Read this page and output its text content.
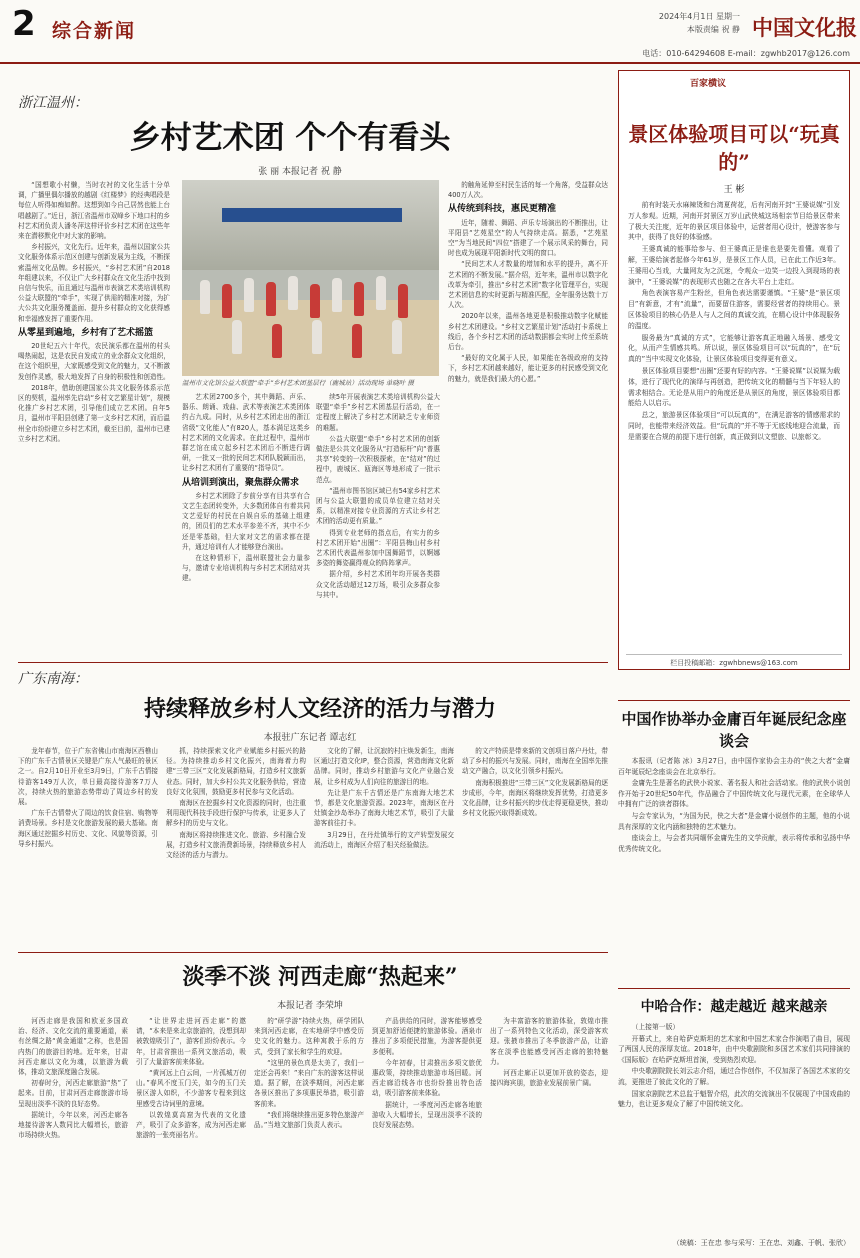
2 综合新闻
2024年4月1日 星期一
本版责编 祝 静 中国文化报
电话：010-64294608 E-mail：zgwhb2017@126.com
浙江温州：
乡村艺术团 个个有看头
张 丽 本报记者 祝 静

“国想歌小村懒，当时衣衬的文化生活十分单调，广播里偶尔播放的越剧《红楼梦》的经典唱段是每位人听得如痴如醉。这想到如今自己居然也能上台唱越剧了。”近日，浙江省温州市双峰乡下地口村的乡村艺术团负责人潘冬萍这样评价乡村艺术团在这些年来在潜移默化中对大家的影响。

乡村振兴，文化先行。近年来，温州以国家公共文化服务体系示范区创建与创新发展为主线，不断探索温州文化品牌。乡村振兴，“乡村艺术团”自2018年组建以来，不仅让广大乡村群众在文化生活中找到自信与快乐，而且通过与温州市表演艺术类培训机构公益大联盟的“牵手”，实现了供需的精准对接，为扩大公共文化服务覆盖面、提升乡村群众的文化获得感和幸福感发挥了重要作用。

从零星到遍地，乡村有了艺术摇篮

20世纪五六十年代，农民演乐都在温州的村头喝热闹起，这是农民自发成立的业余群众文化组织，在这个组织里，大家既感受到文化的魅力，又不断激发创作灵感，极大地发挥了自身的积极性和创造性。

2018年，借助创建国家公共文化服务体系示范区的契机，温州率先启动“乡村文艺繁星计划”，规模化推广乡村艺术团，引导他们成立艺术团。自年5月，温州市平阳县创建了第一支乡村艺术团，而后温州全市纷纷建立乡村艺术团，截至目前，温州市已建立乡村艺术团。

温州市文化馆公益大联盟“牵手”乡村艺术团基层行（鹿城站）活动现场 单晓叶 摄

艺术团2700多个，其中舞蹈、声乐、器乐、朗诵、戏曲、武术等表演艺术类团体约占九成。同时，从乡村艺术团走出的浙江省级“文化能人”有820人，基本满足这类乡村艺术团的文化需求。在此过程中，温州市群艺馆在成立起乡村艺术团后不断进行调研，一批又一批的民间艺术团队脱颖而出，让乡村艺术团有了重要的“指导员”。

从培训到演出，聚焦群众需求

乡村艺术团除了步前分享有目共享有合文艺生态团转变外，大多数团体自有着共同文艺爱好的村民在自娱自乐的基础上组建的，团员们的艺术水平参差不齐，其中不少还是零基础，但大家对文艺的需求都在提升，通过培训有人才能够登台演出。

在这种情形下，温州联盟社会力量参与，邀请专业培训机构与乡村艺术团结对共建。

续5年开展表演艺术类培训机构公益大联盟“牵手”乡村艺术团基层行活动，在一定程度上解决了乡村艺术团缺乏专业师资的难题。

公益大联盟“牵手”乡村艺术团的创新做法是公共文化服务从“打造标杆”向“普惠共享”转变的一次积极探索，在“结对”的过程中，鹿城区、瓯海区等地形成了一批示范点。

“温州市图书馆区域已有54家乡村艺术团与公益大联盟的成员单位建立结对关系，以精准对接专业资源的方式让乡村艺术团的活动更有质量。”

得到专业老师的指点后，有实力的乡村艺术团开始“出圈”：平阳县梅山村乡村艺术团代表温州参加中国舞蹈节，以婀娜多姿的舞姿赢得观众的阵阵掌声。

据介绍，乡村艺术团年均开展各类群众文化活动超过12万场，吸引众多群众参与其中。

的触角延伸至村民生活的每一个角落，受益群众达400万人次。

从传统到科技，惠民更精准

近年，随着、舞蹈、声乐专场演出的不断推出，让平阳县“艺苑星空”的人气持续走高。据悉，“艺苑星空”为当地民间“四位”搭建了一个展示风采的舞台，同时也成为展现平阳新时代文明的窗口。

“民间艺术人才数量的增加和水平的提升，离不开艺术团的不断发展。”据介绍，近年来，温州市以数字化改革为牵引，推出“乡村艺术团”数字化管理平台，实现艺术团信息的实时更新与精准匹配，全年服务达数十万人次。

2020年以来，温州各地更是积极推动数字化赋能乡村艺术团建设。“乡村文艺繁星计划”活动打卡系统上线后，各个乡村艺术团的活动数据都会实时上传至系统后台。

“最好的文化属于人民，如果能在各级政府的支持下，乡村艺术团越来越好，能让更多的村民感受到文化的魅力，就是我们最大的心愿。”

百家横议
景区体验项目可以“玩真的”
王 彬

前有时装天水麻辣烫和台湾夏荷花，后有河南开封“王婆说媒”引发万人参观。近期，河南开封景区万岁山武侠城这场相亲节目给景区带来了极大关注度，近年的景区项目体验中，运营者用心设计，使游客参与其中，获得了良好的体验感。

王婆真诚的能事给参与、但王婆真正是谁也是要先看懂。观看了解，王婆给演者起修今年61岁，是景区工作人员，已在此工作近3年。王婆用心当戏，大量网友为之沉迷，令观众一边笑一边投入到现场的表演中，“王婆说媒”的表现形式也随之在各大平台上走红。

角色表演容易产生粉丝，但角色表达需要谨慎。“王婆”是“景区项目”有新意，才有“流量”，而要留住游客，需要经营者的持续用心。景区体验项目的核心仍是人与人之间的真诚交流，在精心设计中体现服务的温度。

服务最为“真诚的方式”，它能够让游客真正地融入场景、感受文化，从而产生情感共鸣。所以说，景区体验项目可以“玩真的”，在“玩真的”当中实现文化体验，让景区体验项目变得更有意义。

景区体验项目要想“出圈”还要有好的内容。“王婆说媒”以说媒为载体，进行了现代化的演绎与再创造，把传统文化的精髓与当下年轻人的需求相结合。无论是从用户的角度还是从景区的角度，景区体验项目都能给人以启示。

总之，旅游景区体验项目“可以玩真的”，在满足游客的情感需求的同时，也能带来经济效益。但“玩真的”并不等于无底线地迎合流量，而是需要在合规的前提下进行创新，真正做到以文塑旅、以旅彰文。

栏目投稿邮箱：zgwhbnews@163.com
广东南海：
持续释放乡村人文经济的活力与潜力
本报驻广东记者 谭志红

龙年春节，位于广东省佛山市南海区西樵山下的广东千古情景区关键是广东人气最旺的景区之一。自2月10日开业至3月9日，广东千古情接待游客149万人次，单日最高接待游客7万人次，持续火热的旅游态势带动了周边乡村的发展。

广东千古情带火了周边的饮食住宿、购物等消费场景。乡村是文化旅游发展的最大基础。南海区通过挖掘乡村历史、文化、风貌等资源，引导乡村振兴。

抓，持续探索文化产业赋能乡村振兴的路径。为持续推动乡村文化振兴，南海着力构建“三带三区”文化发展新格局，打造乡村文旅新业态。同时，加大乡村公共文化服务供给，营造良好文化氛围，鼓励更多村民参与文化活动。

南海区在挖掘乡村文化资源的同时，也注重利用现代科技手段进行保护与传承，让更多人了解乡村的历史与文化。

南海区将持续推进文化、旅游、乡村融合发展，打造乡村文旅消费新场景，持续释放乡村人文经济的活力与潜力。

文化的了解，让沉寂的村庄焕发新生，南海区通过打造文化IP，整合资源，营造南海文化新品牌。同时，推动乡村旅游与文化产业融合发展，让乡村成为人们向往的旅游目的地。

先让是广东千古情还是广东南海大地艺术节，都是文化旅游资源。2023年，南海区在丹灶镇金沙岛举办了南海大地艺术节，吸引了大量游客前往打卡。

3月29日，在丹灶镇举行的文产转型发展交流活动上，南海区介绍了相关经验做法。

的文产特质是带来新的文创项目落户丹灶，带动了乡村的振兴与发展。同时，南海在全国率先推动文产融合，以文化引领乡村振兴。

南海积极推进“三带三区”文化发展新格局的逐步成形，今年，南海区将继续发挥优势，打造更多文化品牌，让乡村振兴的步伐走得更稳更快，推动乡村文化振兴取得新成效。

中国作协举办金庸百年诞辰纪念座谈会

本报讯（记者陈 冰）3月27日，由中国作家协会主办的“侠之大者”金庸百年诞辰纪念座谈会在北京举行。

金庸先生是著名的武侠小说家、著名报人和社会活动家。他的武侠小说创作开始于20世纪50年代，作品融合了中国传统文化与现代元素，在全球华人中拥有广泛的读者群体。

与会专家认为，“为国为民，侠之大者”是金庸小说创作的主题，他的小说具有深厚的文化内涵和独特的艺术魅力。

座谈会上，与会者共同缅怀金庸先生的文学贡献，表示将传承和弘扬中华优秀传统文化。

中哈合作：越走越近 越来越亲

（上接第一版）

开幕式上，来自哈萨克斯坦的艺术家和中国艺术家合作演唱了曲目，展现了两国人民的深厚友谊。2018年，由中央歌剧院和多国艺术家们共同排演的《国际版》在哈萨克斯坦首演，受到热烈欢迎。

中央歌剧院院长刘云志介绍，通过合作创作，不仅加深了各国艺术家的交流，更推进了彼此文化的了解。

国家京剧院艺术总监于魁智介绍，此次的交流演出不仅展现了中国戏曲的魅力，也让更多观众了解了中国传统文化。

淡季不淡 河西走廊“热起来”
本报记者 李荣坤

河西走廊是我国和欧亚多国政治、经济、文化交流的重要通道，素有丝绸之路“黄金通道”之称，也是国内热门的旅游目的地。近年来，甘肃河西走廊以文化为魂，以旅游为载体，推动文旅深度融合发展。

初春时分，河西走廊旅游“热”了起来。目前，甘肃河西走廊旅游市场呈现出淡季不淡的良好态势。

据统计，今年以来，河西走廊各地接待游客人数同比大幅增长，旅游市场持续火热。

“让世界走进河西走廊”的邀请，“本来是来北京旅游的，没想到却被敦煌吸引了”，游客们纷纷表示。今年，甘肃省推出一系列文旅活动，吸引了大量游客前来体验。

“黄河远上白云间，一片孤城万仞山。”春风不度玉门关，如今的玉门关景区游人如织，不少游客专程来到这里感受古诗词里的意境。

以敦煌莫高窟为代表的文化遗产，吸引了众多游客，成为河西走廊旅游的一张亮丽名片。

的“研学游”持续火热，研学团队来到河西走廊，在实地研学中感受历史文化的魅力。这种寓教于乐的方式，受到了家长和学生的欢迎。

“这里的景色真是太美了，我们一定还会再来！”来自广东的游客这样说道。据了解，在淡季期间，河西走廊各景区推出了多项惠民举措，吸引游客前来。

“我们将继续推出更多特色旅游产品。”当地文旅部门负责人表示。

产品供给的同时，游客能够感受到更加舒适便捷的旅游体验。酒泉市推出了多项便民措施，为游客提供更多便利。

今年初春，甘肃推出多项文旅优惠政策，持续推动旅游市场回暖。河西走廊沿线各市也纷纷推出特色活动，吸引游客前来体验。

据统计，一季度河西走廊各地旅游收入大幅增长，呈现出淡季不淡的良好发展态势。

为丰富游客的旅游体验，敦煌市推出了一系列特色文化活动，深受游客欢迎。张掖市推出了冬季旅游产品，让游客在淡季也能感受河西走廊的独特魅力。

河西走廊正以更加开放的姿态，迎接四海宾朋，旅游业发展前景广阔。

（统稿：王在忠 参与采写：王在忠、刘鑫、于帆、张欣）
